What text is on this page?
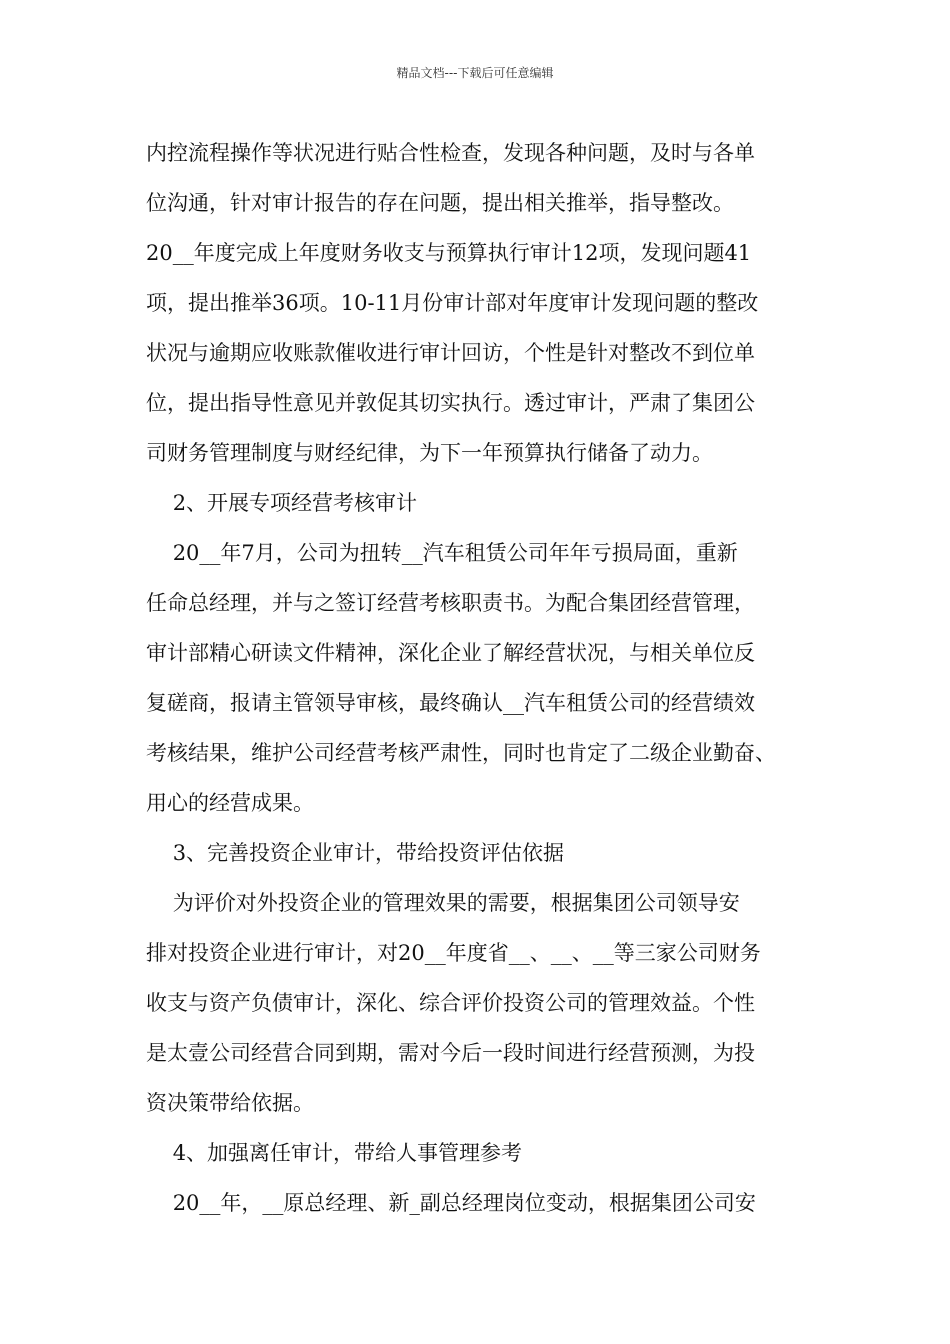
精品文档---下载后可任意编辑
内控流程操作等状况进行贴合性检查，发现各种问题，及时与各单
位沟通，针对审计报告的存在问题，提出相关推举，指导整改。
20__年度完成上年度财务收支与预算执行审计12项，发现问题41
项，提出推举36项。10-11月份审计部对年度审计发现问题的整改
状况与逾期应收账款催收进行审计回访，个性是针对整改不到位单
位，提出指导性意见并敦促其切实执行。透过审计，严肃了集团公
司财务管理制度与财经纪律，为下一年预算执行储备了动力。
2、开展专项经营考核审计
20__年7月，公司为扭转__汽车租赁公司年年亏损局面，重新
任命总经理，并与之签订经营考核职责书。为配合集团经营管理，
审计部精心研读文件精神，深化企业了解经营状况，与相关单位反
复磋商，报请主管领导审核，最终确认__汽车租赁公司的经营绩效
考核结果，维护公司经营考核严肃性，同时也肯定了二级企业勤奋、
用心的经营成果。
3、完善投资企业审计，带给投资评估依据
为评价对外投资企业的管理效果的需要，根据集团公司领导安
排对投资企业进行审计，对20__年度省__、__、__等三家公司财务
收支与资产负债审计，深化、综合评价投资公司的管理效益。个性
是太壹公司经营合同到期，需对今后一段时间进行经营预测，为投
资决策带给依据。
4、加强离任审计，带给人事管理参考
20__年，__原总经理、新_副总经理岗位变动，根据集团公司安
